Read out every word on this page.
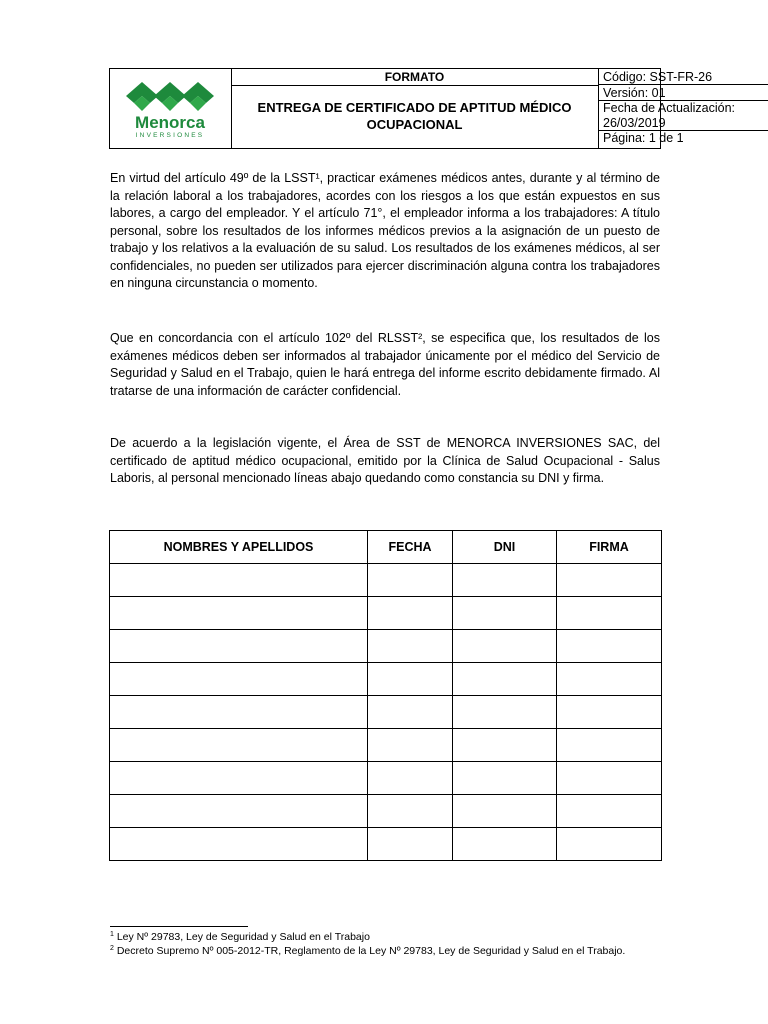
Menorca
INVERSIONES
FORMATO
ENTREGA DE CERTIFICADO DE APTITUD MÉDICO OCUPACIONAL
Código: SST-FR-26
Versión: 01
Fecha de Actualización:
26/03/2019
Página: 1 de 1

En virtud del artículo 49º de la LSST¹, practicar exámenes médicos antes, durante y al término de la relación laboral a los trabajadores, acordes con los riesgos a los que están expuestos en sus labores, a cargo del empleador. Y el artículo 71°, el empleador informa a los trabajadores: A título personal, sobre los resultados de los informes médicos previos a la asignación de un puesto de trabajo y los relativos a la evaluación de su salud. Los resultados de los exámenes médicos, al ser confidenciales, no pueden ser utilizados para ejercer discriminación alguna contra los trabajadores en ninguna circunstancia o momento.

Que en concordancia con el artículo 102º del RLSST², se especifica que, los resultados de los exámenes médicos deben ser informados al trabajador únicamente por el médico del Servicio de Seguridad y Salud en el Trabajo, quien le hará entrega del informe escrito debidamente firmado. Al tratarse de una información de carácter confidencial.

De acuerdo a la legislación vigente, el Área de SST de MENORCA INVERSIONES SAC, del certificado de aptitud médico ocupacional, emitido por la Clínica de Salud Ocupacional - Salus Laboris, al personal mencionado líneas abajo quedando como constancia su DNI y firma.

NOMBRES Y APELLIDOS	FECHA	DNI	FIRMA

$^1$ Ley Nº 29783, Ley de Seguridad y Salud en el Trabajo
$^2$ Decreto Supremo Nº 005-2012-TR, Reglamento de la Ley Nº 29783, Ley de Seguridad y Salud en el Trabajo.
